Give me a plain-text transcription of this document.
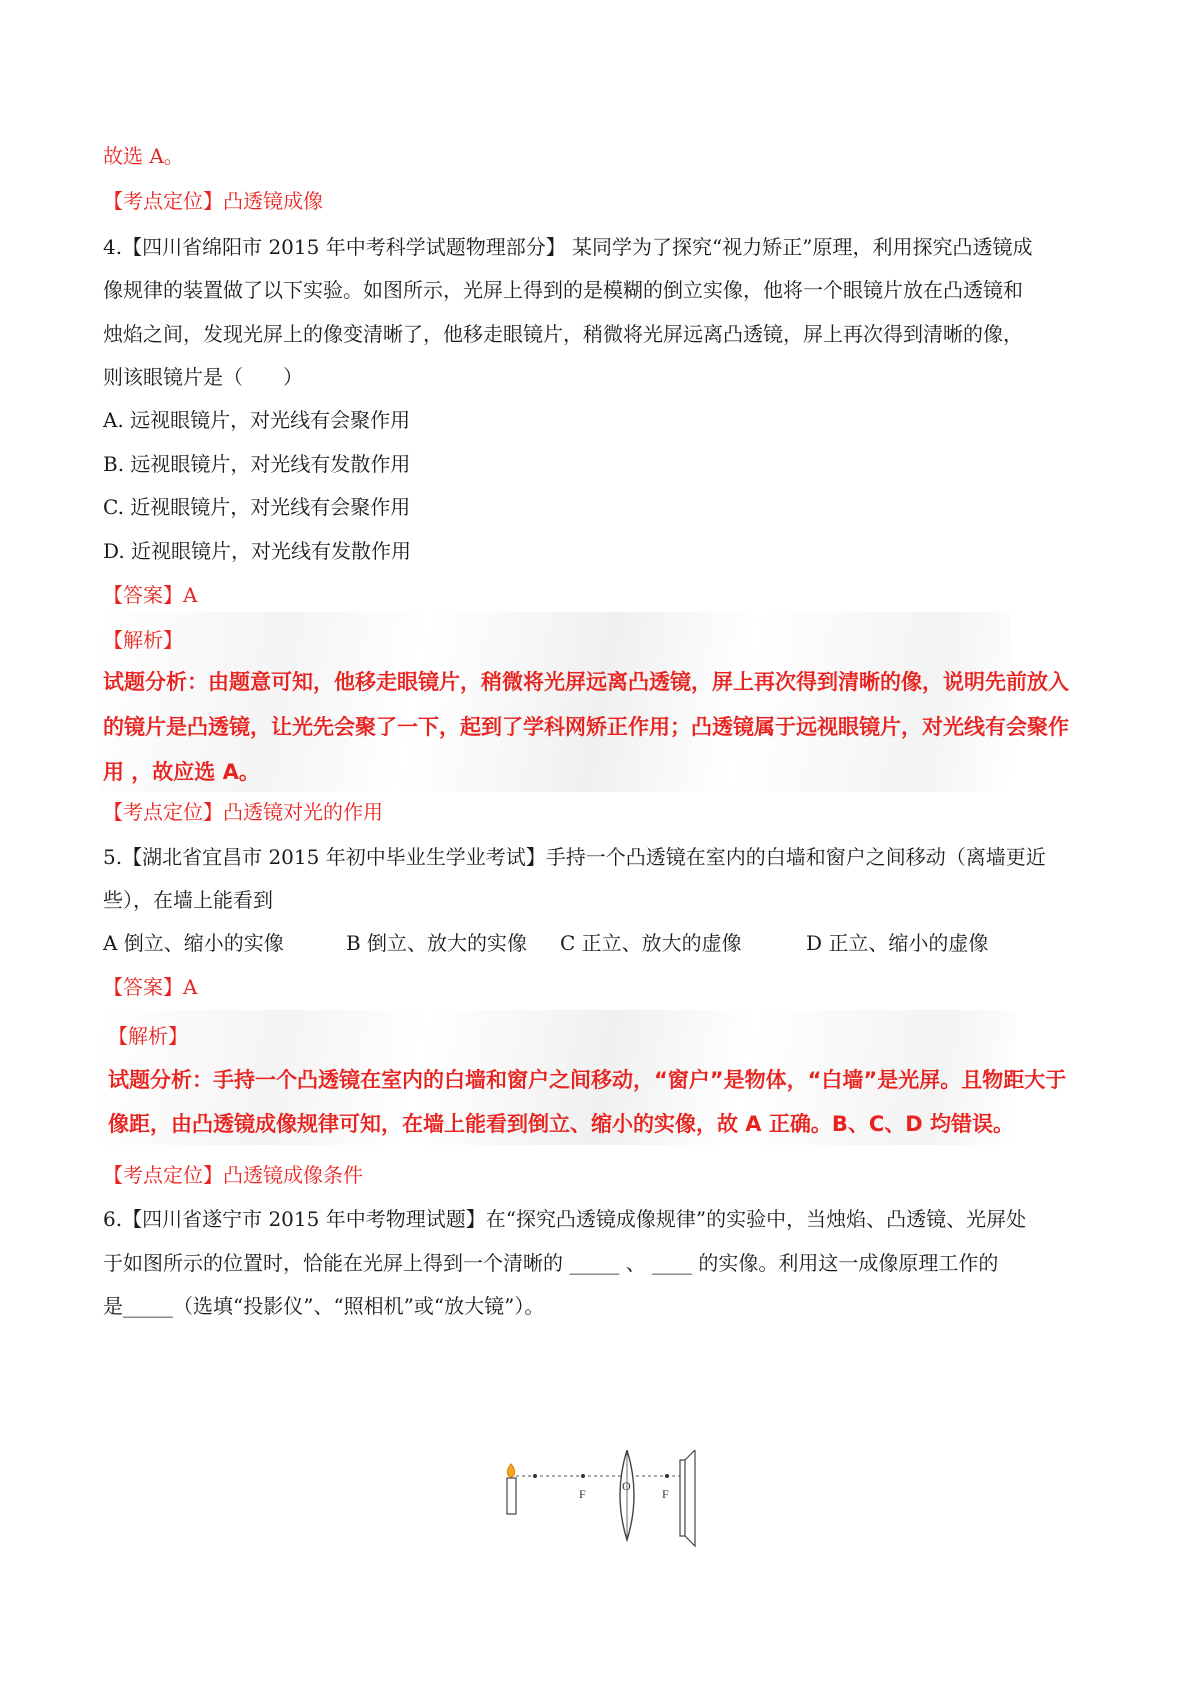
故选 A。
【考点定位】凸透镜成像
4.【四川省绵阳市 2015 年中考科学试题物理部分】 某同学为了探究“视力矫正”原理，利用探究凸透镜成
像规律的装置做了以下实验。如图所示，光屏上得到的是模糊的倒立实像，他将一个眼镜片放在凸透镜和
烛焰之间，发现光屏上的像变清晰了，他移走眼镜片，稍微将光屏远离凸透镜，屏上再次得到清晰的像，
则该眼镜片是（　　）
A. 远视眼镜片，对光线有会聚作用
B. 远视眼镜片，对光线有发散作用
C. 近视眼镜片，对光线有会聚作用
D. 近视眼镜片，对光线有发散作用
【答案】A
【解析】
试题分析：由题意可知，他移走眼镜片，稍微将光屏远离凸透镜，屏上再次得到清晰的像，说明先前放入
的镜片是凸透镜，让光先会聚了一下，起到了学科网矫正作用；凸透镜属于远视眼镜片，对光线有会聚作
用 ，故应选 A。
【考点定位】凸透镜对光的作用
5.【湖北省宜昌市 2015 年初中毕业生学业考试】手持一个凸透镜在室内的白墙和窗户之间移动（离墙更近
些），在墙上能看到
A 倒立、缩小的实像	B 倒立、放大的实像 C 正立、放大的虚像	D 正立、缩小的虚像
【答案】A
【解析】
试题分析：手持一个凸透镜在室内的白墙和窗户之间移动，“窗户”是物体，“白墙”是光屏。且物距大于
像距，由凸透镜成像规律可知，在墙上能看到倒立、缩小的实像，故 A 正确。B、C、D 均错误。
【考点定位】凸透镜成像条件
6.【四川省遂宁市 2015 年中考物理试题】在“探究凸透镜成像规律”的实验中，当烛焰、凸透镜、光屏处
于如图所示的位置时，恰能在光屏上得到一个清晰的 _____ 、 ____ 的实像。利用这一成像原理工作的
是_____（选填“投影仪”、“照相机”或“放大镜”）。
F
O
F
